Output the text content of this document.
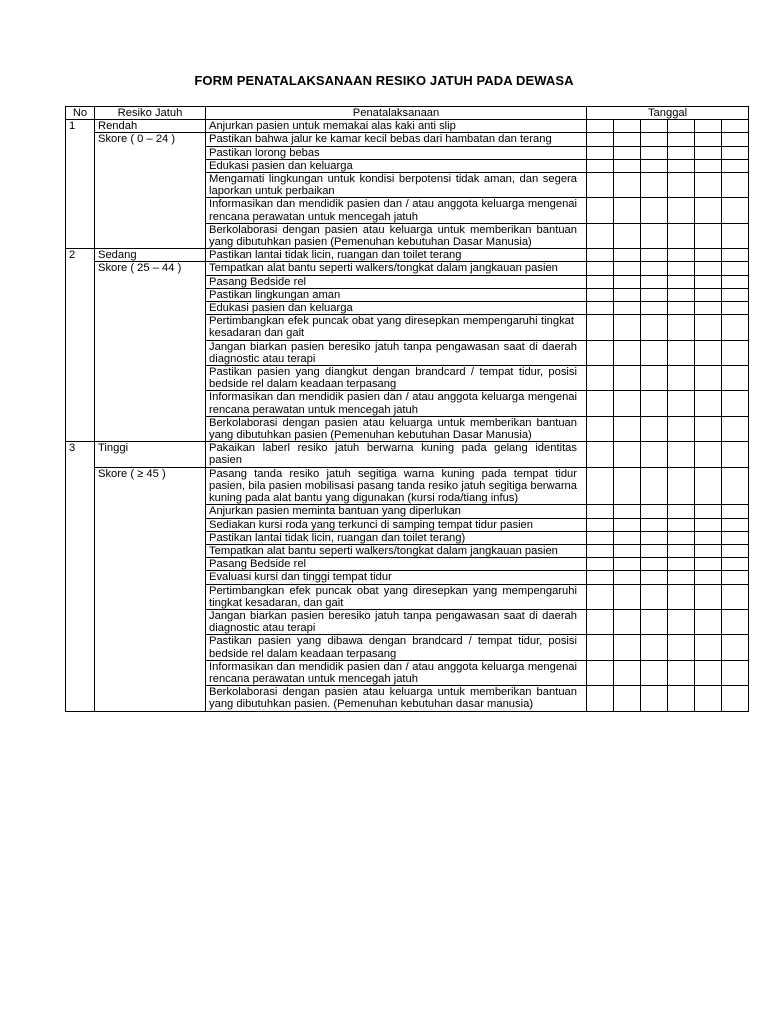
FORM PENATALAKSANAAN RESIKO JATUH PADA DEWASA
No	Resiko Jatuh	Penatalaksanaan	Tanggal					
1	Rendah	Anjurkan pasien untuk memakai alas kaki anti slip						

	Skore ( 0 – 24 )	Pastikan bahwa jalur ke kamar kecil bebas dari hambatan dan terang						

		Pastikan lorong bebas						

		Edukasi pasien dan keluarga						

		Mengamati lingkungan untuk kondisi berpotensi tidak aman, dan segera laporkan untuk perbaikan						

		Informasikan dan mendidik pasien dan / atau anggota keluarga mengenai rencana perawatan untuk mencegah jatuh						

		Berkolaborasi dengan pasien atau keluarga untuk memberikan bantuan yang dibutuhkan pasien (Pemenuhan kebutuhan Dasar Manusia)						

2	Sedang	Pastikan lantai tidak licin, ruangan dan toilet terang						

	Skore ( 25 – 44 )	Tempatkan alat bantu seperti walkers/tongkat dalam jangkauan pasien						

		Pasang Bedside rel						

		Pastikan lingkungan aman						

		Edukasi pasien dan keluarga						

		Pertimbangkan efek puncak obat yang diresepkan mempengaruhi tingkat kesadaran dan gait						

		Jangan biarkan pasien beresiko jatuh tanpa pengawasan saat di daerah diagnostic atau terapi						

		Pastikan pasien yang diangkut dengan brandcard / tempat tidur, posisi bedside rel dalam keadaan terpasang						

		Informasikan dan mendidik pasien dan / atau anggota keluarga mengenai rencana perawatan untuk mencegah jatuh						

		Berkolaborasi dengan pasien atau keluarga untuk memberikan bantuan yang dibutuhkan pasien (Pemenuhan kebutuhan Dasar Manusia)						

3	Tinggi	Pakaikan laberl resiko jatuh berwarna kuning pada gelang identitas pasien						

	Skore ( ≥ 45 )	Pasang tanda resiko jatuh segitiga warna kuning pada tempat tidur pasien, bila pasien mobilisasi pasang tanda resiko jatuh segitiga berwarna kuning pada alat bantu yang digunakan (kursi roda/tiang infus)						

		Anjurkan pasien meminta bantuan yang diperlukan						

		Sediakan kursi roda yang terkunci di samping tempat tidur pasien						

		Pastikan lantai tidak licin, ruangan dan toilet terang)						

		Tempatkan alat bantu seperti walkers/tongkat dalam jangkauan pasien						

		Pasang Bedside rel						

		Evaluasi kursi dan tinggi tempat tidur						

		Pertimbangkan efek puncak obat yang diresepkan yang mempengaruhi tingkat kesadaran, dan gait						

		Jangan biarkan pasien beresiko jatuh tanpa pengawasan saat di daerah diagnostic atau terapi						

		Pastikan pasien yang dibawa dengan brandcard / tempat tidur, posisi bedside rel dalam keadaan terpasang						

		Informasikan dan mendidik pasien dan / atau anggota keluarga mengenai rencana perawatan untuk mencegah jatuh						

		Berkolaborasi dengan pasien atau keluarga untuk memberikan bantuan yang dibutuhkan pasien. (Pemenuhan kebutuhan dasar manusia)						
